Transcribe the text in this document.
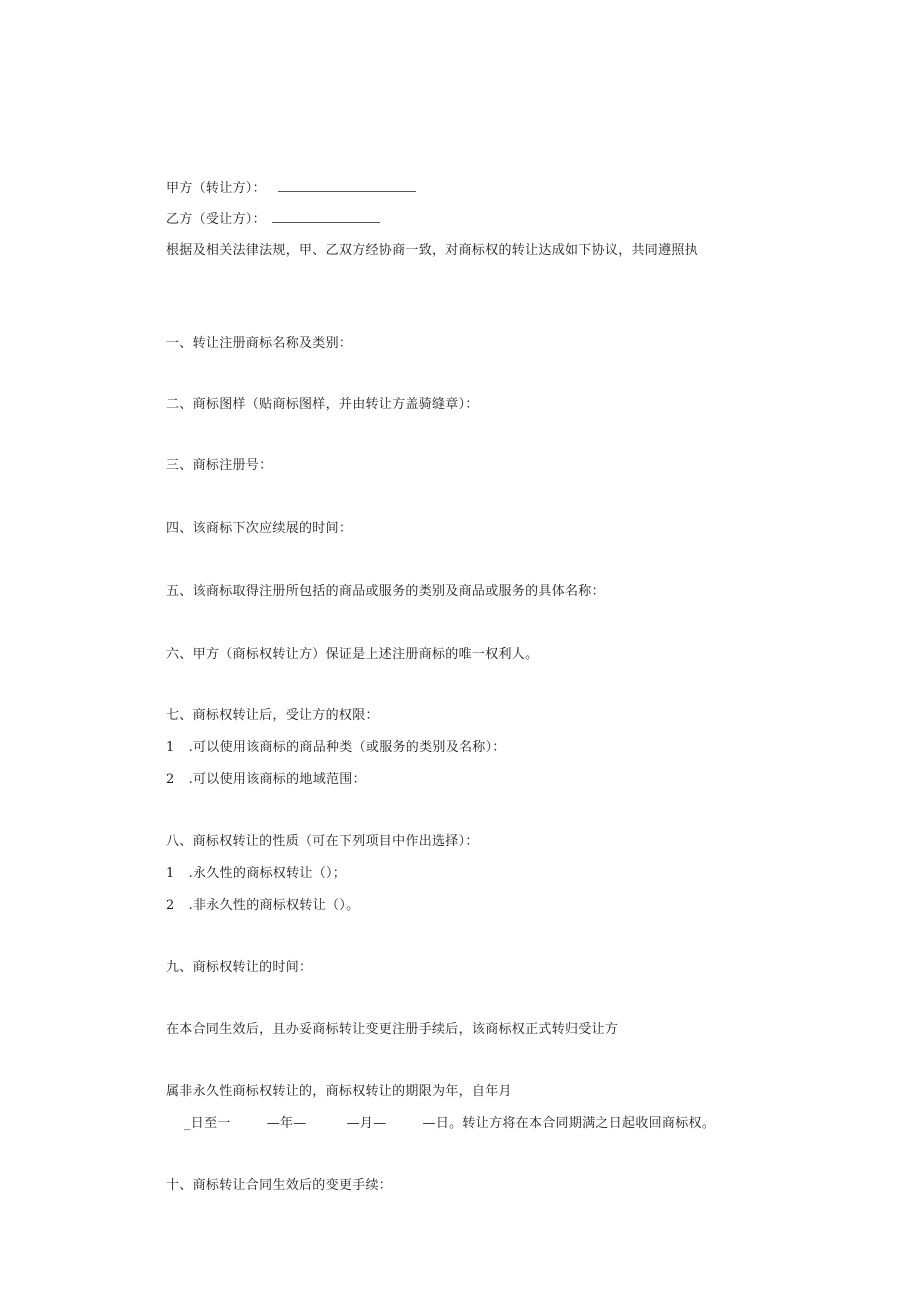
甲方（转让方）：
乙方（受让方）：
根据及相关法律法规，甲、乙双方经协商一致，对商标权的转让达成如下协议，共同遵照执
一、转让注册商标名称及类别：
二、商标图样（贴商标图样，并由转让方盖骑缝章）：
三、商标注册号：
四、该商标下次应续展的时间：
五、该商标取得注册所包括的商品或服务的类别及商品或服务的具体名称：
六、甲方（商标权转让方）保证是上述注册商标的唯一权利人。
七、商标权转让后，受让方的权限：
1 .可以使用该商标的商品种类（或服务的类别及名称）：
2 .可以使用该商标的地域范围：
八、商标权转让的性质（可在下列项目中作出选择）：
1 .永久性的商标权转让（）；
2 .非永久性的商标权转让（）。
九、商标权转让的时间：
在本合同生效后，且办妥商标转让变更注册手续后，该商标权正式转归受让方
属非永久性商标权转让的，商标权转让的期限为年，自年月
_日至一	—年—	—月—	—日。转让方将在本合同期满之日起收回商标权。
十、商标转让合同生效后的变更手续：
